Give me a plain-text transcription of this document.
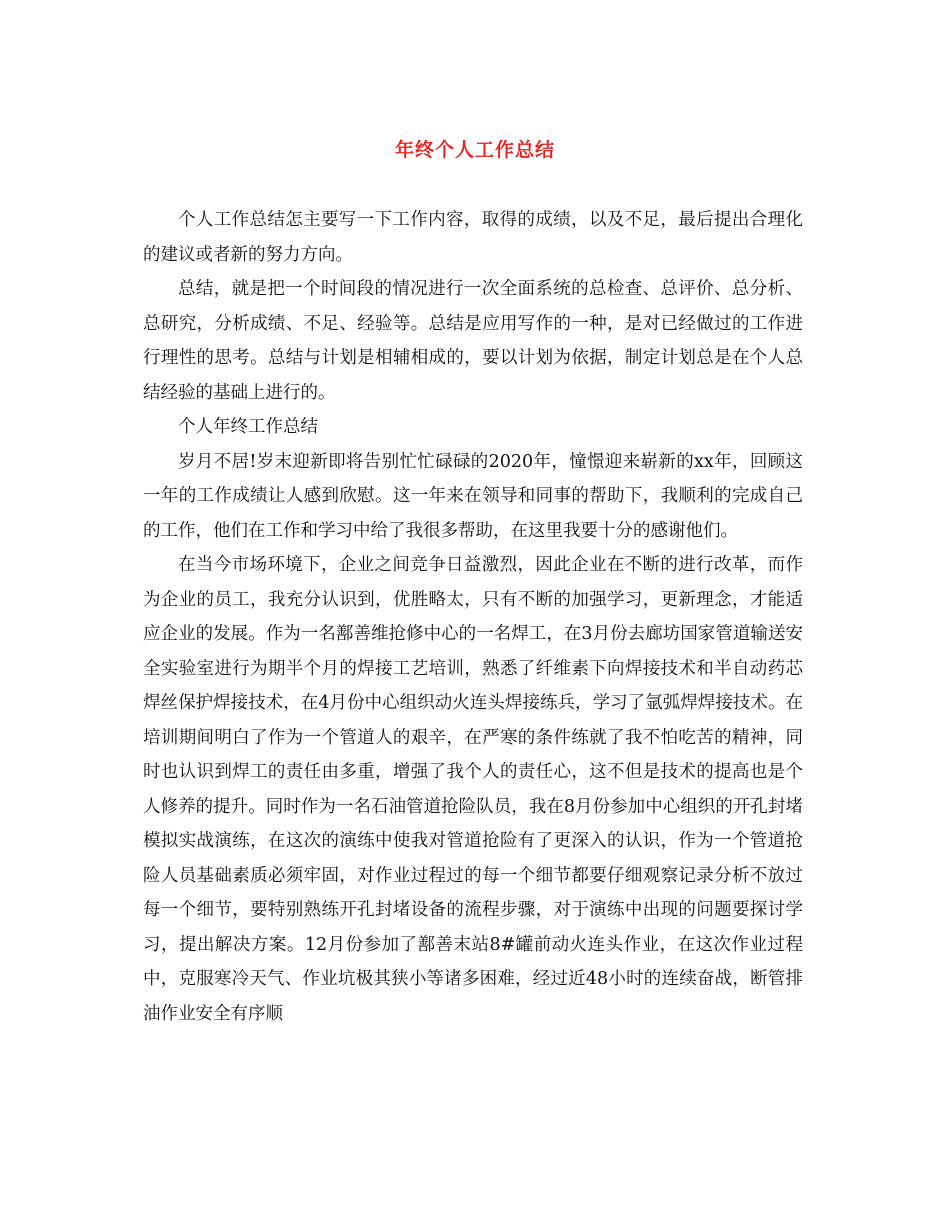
年终个人工作总结

个人工作总结怎主要写一下工作内容，取得的成绩，以及不足，最后提出合理化的建议或者新的努力方向。

总结，就是把一个时间段的情况进行一次全面系统的总检查、总评价、总分析、总研究，分析成绩、不足、经验等。总结是应用写作的一种，是对已经做过的工作进行理性的思考。总结与计划是相辅相成的，要以计划为依据，制定计划总是在个人总结经验的基础上进行的。

个人年终工作总结

岁月不居!岁末迎新即将告别忙忙碌碌的2020年，憧憬迎来崭新的xx年，回顾这一年的工作成绩让人感到欣慰。这一年来在领导和同事的帮助下，我顺利的完成自己的工作，他们在工作和学习中给了我很多帮助，在这里我要十分的感谢他们。

在当今市场环境下，企业之间竞争日益激烈，因此企业在不断的进行改革，而作为企业的员工，我充分认识到，优胜略太，只有不断的加强学习，更新理念，才能适应企业的发展。作为一名鄯善维抢修中心的一名焊工，在3月份去廊坊国家管道输送安全实验室进行为期半个月的焊接工艺培训，熟悉了纤维素下向焊接技术和半自动药芯焊丝保护焊接技术，在4月份中心组织动火连头焊接练兵，学习了氩弧焊焊接技术。在培训期间明白了作为一个管道人的艰辛，在严寒的条件练就了我不怕吃苦的精神，同时也认识到焊工的责任由多重，增强了我个人的责任心，这不但是技术的提高也是个人修养的提升。同时作为一名石油管道抢险队员，我在8月份参加中心组织的开孔封堵模拟实战演练，在这次的演练中使我对管道抢险有了更深入的认识，作为一个管道抢险人员基础素质必须牢固，对作业过程过的每一个细节都要仔细观察记录分析不放过每一个细节，要特别熟练开孔封堵设备的流程步骤，对于演练中出现的问题要探讨学习，提出解决方案。12月份参加了鄯善末站8#罐前动火连头作业，在这次作业过程中，克服寒冷天气、作业坑极其狭小等诸多困难，经过近48小时的连续奋战，断管排油作业安全有序顺
